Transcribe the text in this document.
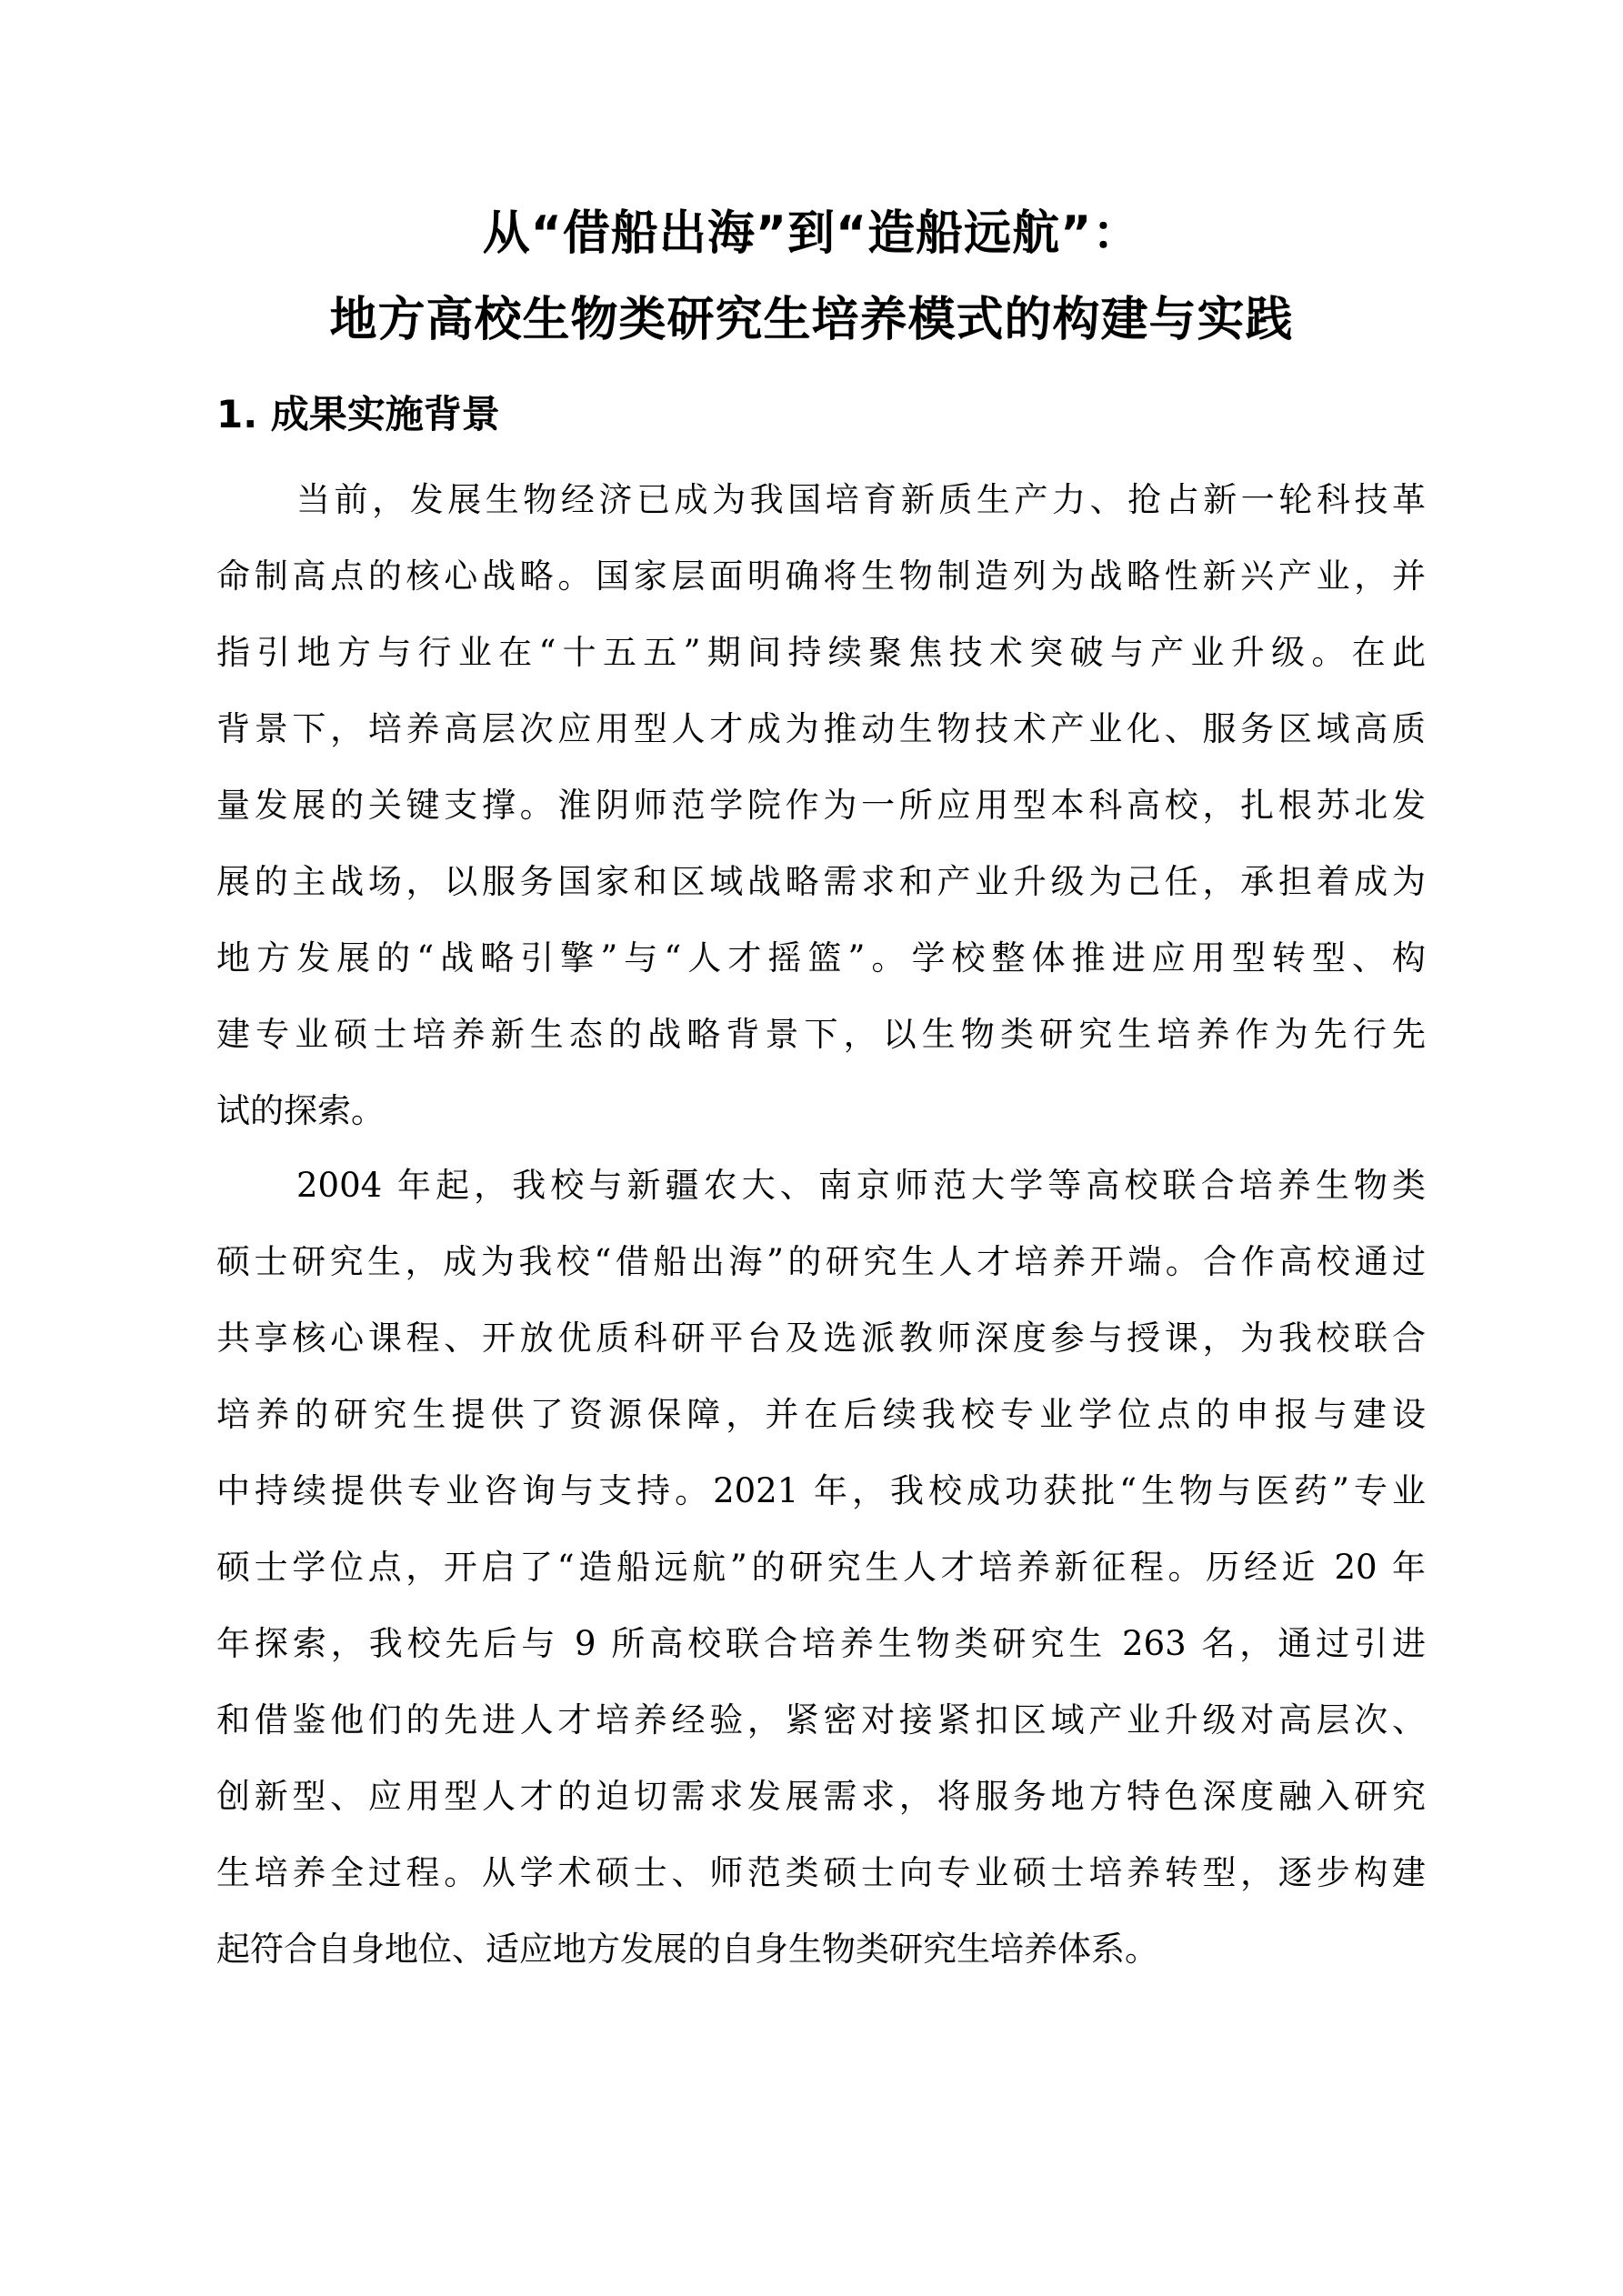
从“借船出海”到“造船远航”：
地方高校生物类研究生培养模式的构建与实践
1. 成果实施背景
当前，发展生物经济已成为我国培育新质生产力、抢占新一轮科技革
命制高点的核心战略。国家层面明确将生物制造列为战略性新兴产业，并
指引地方与行业在“十五五”期间持续聚焦技术突破与产业升级。在此
背景下，培养高层次应用型人才成为推动生物技术产业化、服务区域高质
量发展的关键支撑。淮阴师范学院作为一所应用型本科高校，扎根苏北发
展的主战场，以服务国家和区域战略需求和产业升级为己任，承担着成为
地方发展的“战略引擎”与“人才摇篮”。学校整体推进应用型转型、构
建专业硕士培养新生态的战略背景下，以生物类研究生培养作为先行先
试的探索。
2004 年起，我校与新疆农大、南京师范大学等高校联合培养生物类
硕士研究生，成为我校“借船出海”的研究生人才培养开端。合作高校通过
共享核心课程、开放优质科研平台及选派教师深度参与授课，为我校联合
培养的研究生提供了资源保障，并在后续我校专业学位点的申报与建设
中持续提供专业咨询与支持。2021 年，我校成功获批“生物与医药”专业
硕士学位点，开启了“造船远航”的研究生人才培养新征程。历经近 20 年
年探索，我校先后与 9 所高校联合培养生物类研究生 263 名，通过引进
和借鉴他们的先进人才培养经验，紧密对接紧扣区域产业升级对高层次、
创新型、应用型人才的迫切需求发展需求，将服务地方特色深度融入研究
生培养全过程。从学术硕士、师范类硕士向专业硕士培养转型，逐步构建
起符合自身地位、适应地方发展的自身生物类研究生培养体系。
